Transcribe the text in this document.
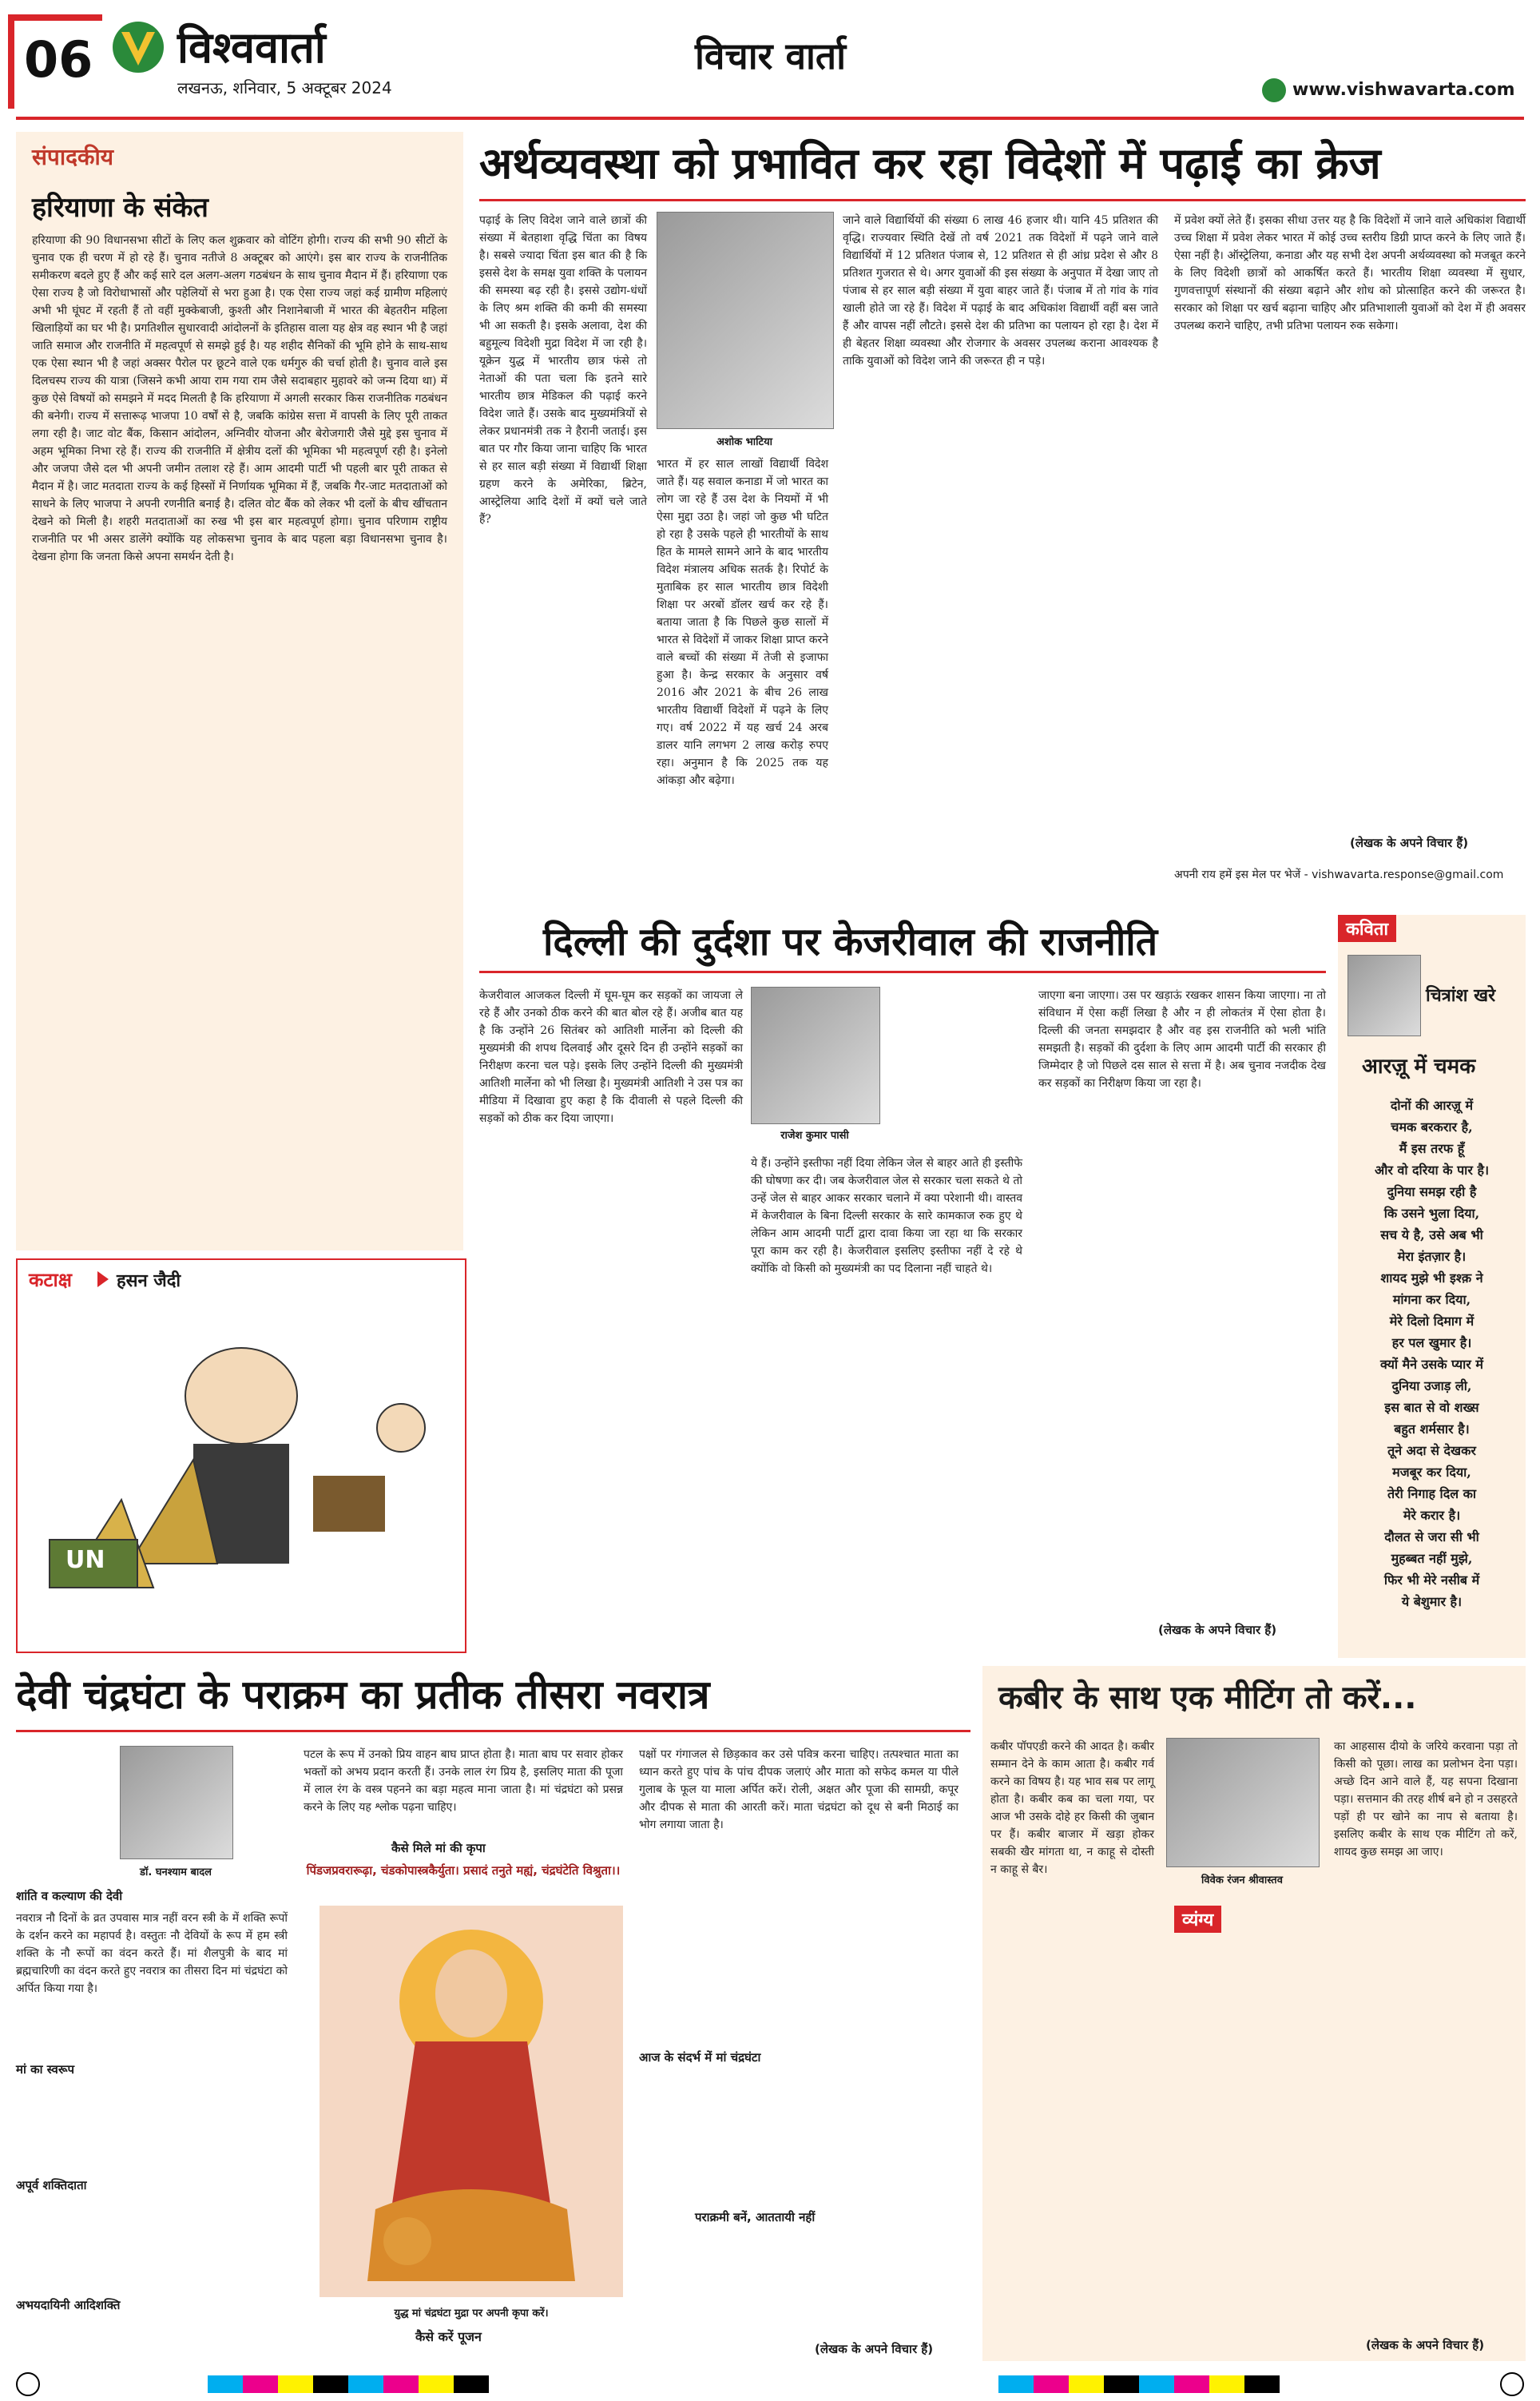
06 विश्ववार्ता
लखनऊ, शनिवार, 5 अक्टूबर 2024
विचार वार्ता
www.vishwavarta.com
संपादकीय
हरियाणा के संकेत
हरियाणा की 90 विधानसभा सीटों के लिए कल शुक्रवार को वोटिंग होगी। राज्य की सभी 90 सीटों के चुनाव एक ही चरण में हो रहे हैं। चुनाव नतीजे 8 अक्टूबर को आएंगे। इस बार राज्य के राजनीतिक समीकरण बदले हुए हैं और कई सारे दल अलग-अलग गठबंधन के साथ चुनाव मैदान में हैं। हरियाणा एक ऐसा राज्य है जो विरोधाभासों और पहेलियों से भरा हुआ है। एक ऐसा राज्य जहां कई ग्रामीण महिलाएं अभी भी घूंघट में रहती हैं तो वहीं मुक्केबाजी, कुश्ती और निशानेबाजी में भारत की बेहतरीन महिला खिलाड़ियों का घर भी है। प्रगतिशील सुधारवादी आंदोलनों के इतिहास वाला यह क्षेत्र वह स्थान भी है जहां जाति समाज और राजनीति में महत्वपूर्ण से समझे हुई है। यह शहीद सैनिकों की भूमि होने के साथ-साथ एक ऐसा स्थान भी है जहां अक्सर पैरोल पर छूटने वाले एक धर्मगुरु की चर्चा होती है। चुनाव वाले इस दिलचस्प राज्य की यात्रा (जिसने कभी आया राम गया राम जैसे सदाबहार मुहावरे को जन्म दिया था) में कुछ ऐसे विषयों को समझने में मदद मिलती है कि हरियाणा में अगली सरकार किस राजनीतिक गठबंधन की बनेगी। राज्य में सत्तारूढ़ भाजपा 10 वर्षों से है, जबकि कांग्रेस सत्ता में वापसी के लिए पूरी ताकत लगा रही है। जाट वोट बैंक, किसान आंदोलन, अग्निवीर योजना और बेरोजगारी जैसे मुद्दे इस चुनाव में अहम भूमिका निभा रहे हैं। राज्य की राजनीति में क्षेत्रीय दलों की भूमिका भी महत्वपूर्ण रही है। इनेलो और जजपा जैसे दल भी अपनी जमीन तलाश रहे हैं। आम आदमी पार्टी भी पहली बार पूरी ताकत से मैदान में है। जाट मतदाता राज्य के कई हिस्सों में निर्णायक भूमिका में हैं, जबकि गैर-जाट मतदाताओं को साधने के लिए भाजपा ने अपनी रणनीति बनाई है। दलित वोट बैंक को लेकर भी दलों के बीच खींचतान देखने को मिली है। शहरी मतदाताओं का रुख भी इस बार महत्वपूर्ण होगा। चुनाव परिणाम राष्ट्रीय राजनीति पर भी असर डालेंगे क्योंकि यह लोकसभा चुनाव के बाद पहला बड़ा विधानसभा चुनाव है। देखना होगा कि जनता किसे अपना समर्थन देती है।
कटाक्ष	हसन जैदी
UN
अर्थव्यवस्था को प्रभावित कर रहा विदेशों में पढ़ाई का क्रेज
पढ़ाई के लिए विदेश जाने वाले छात्रों की संख्या में बेतहाशा वृद्धि चिंता का विषय है। सबसे ज्यादा चिंता इस बात की है कि इससे देश के समक्ष युवा शक्ति के पलायन की समस्या बढ़ रही है। इससे उद्योग-धंधों के लिए श्रम शक्ति की कमी की समस्या भी आ सकती है। इसके अलावा, देश की बहुमूल्य विदेशी मुद्रा विदेश में जा रही है। यूक्रेन युद्ध में भारतीय छात्र फंसे तो नेताओं की पता चला कि इतने सारे भारतीय छात्र मेडिकल की पढ़ाई करने विदेश जाते हैं। उसके बाद मुख्यमंत्रियों से लेकर प्रधानमंत्री तक ने हैरानी जताई। इस बात पर गौर किया जाना चाहिए कि भारत से हर साल बड़ी संख्या में विद्यार्थी शिक्षा ग्रहण करने के अमेरिका, ब्रिटेन, आस्ट्रेलिया आदि देशों में क्यों चले जाते हैं?
अशोक भाटिया
भारत में हर साल लाखों विद्यार्थी विदेश जाते हैं। यह सवाल कनाडा में जो भारत का लोग जा रहे हैं उस देश के नियमों में भी ऐसा मुद्दा उठा है। जहां जो कुछ भी घटित हो रहा है उसके पहले ही भारतीयों के साथ हित के मामले सामने आने के बाद भारतीय विदेश मंत्रालय अधिक सतर्क है। रिपोर्ट के मुताबिक हर साल भारतीय छात्र विदेशी शिक्षा पर अरबों डॉलर खर्च कर रहे हैं। बताया जाता है कि पिछले कुछ सालों में भारत से विदेशों में जाकर शिक्षा प्राप्त करने वाले बच्चों की संख्या में तेजी से इजाफा हुआ है। केन्द्र सरकार के अनुसार वर्ष 2016 और 2021 के बीच 26 लाख भारतीय विद्यार्थी विदेशों में पढ़ने के लिए गए। वर्ष 2022 में यह खर्च 24 अरब डालर यानि लगभग 2 लाख करोड़ रुपए रहा। अनुमान है कि 2025 तक यह आंकड़ा और बढ़ेगा।
जाने वाले विद्यार्थियों की संख्या 6 लाख 46 हजार थी। यानि 45 प्रतिशत की वृद्धि। राज्यवार स्थिति देखें तो वर्ष 2021 तक विदेशों में पढ़ने जाने वाले विद्यार्थियों में 12 प्रतिशत पंजाब से, 12 प्रतिशत से ही आंध्र प्रदेश से और 8 प्रतिशत गुजरात से थे। अगर युवाओं की इस संख्या के अनुपात में देखा जाए तो पंजाब से हर साल बड़ी संख्या में युवा बाहर जाते हैं। पंजाब में तो गांव के गांव खाली होते जा रहे हैं। विदेश में पढ़ाई के बाद अधिकांश विद्यार्थी वहीं बस जाते हैं और वापस नहीं लौटते। इससे देश की प्रतिभा का पलायन हो रहा है। देश में ही बेहतर शिक्षा व्यवस्था और रोजगार के अवसर उपलब्ध कराना आवश्यक है ताकि युवाओं को विदेश जाने की जरूरत ही न पड़े।
में प्रवेश क्यों लेते हैं। इसका सीधा उत्तर यह है कि विदेशों में जाने वाले अधिकांश विद्यार्थी उच्च शिक्षा में प्रवेश लेकर भारत में कोई उच्च स्तरीय डिग्री प्राप्त करने के लिए जाते हैं। ऐसा नहीं है। ऑस्ट्रेलिया, कनाडा और यह सभी देश अपनी अर्थव्यवस्था को मजबूत करने के लिए विदेशी छात्रों को आकर्षित करते हैं। भारतीय शिक्षा व्यवस्था में सुधार, गुणवत्तापूर्ण संस्थानों की संख्या बढ़ाने और शोध को प्रोत्साहित करने की जरूरत है। सरकार को शिक्षा पर खर्च बढ़ाना चाहिए और प्रतिभाशाली युवाओं को देश में ही अवसर उपलब्ध कराने चाहिए, तभी प्रतिभा पलायन रुक सकेगा।
(लेखक के अपने विचार हैं)
अपनी राय हमें इस मेल पर भेजें - vishwavarta.response@gmail.com
दिल्ली की दुर्दशा पर केजरीवाल की राजनीति
केजरीवाल आजकल दिल्ली में घूम-घूम कर सड़कों का जायजा ले रहे हैं और उनको ठीक करने की बात बोल रहे हैं। अजीब बात यह है कि उन्होंने 26 सितंबर को आतिशी मार्लेना को दिल्ली की मुख्यमंत्री की शपथ दिलवाई और दूसरे दिन ही उन्होंने सड़कों का निरीक्षण करना चल पड़े। इसके लिए उन्होंने दिल्ली की मुख्यमंत्री आतिशी मार्लेना को भी लिखा है। मुख्यमंत्री आतिशी ने उस पत्र का मीडिया में दिखावा हुए कहा है कि दीवाली से पहले दिल्ली की सड़कों को ठीक कर दिया जाएगा।
राजेश कुमार पासी
ये हैं। उन्होंने इस्तीफा नहीं दिया लेकिन जेल से बाहर आते ही इस्तीफे की घोषणा कर दी। जब केजरीवाल जेल से सरकार चला सकते थे तो उन्हें जेल से बाहर आकर सरकार चलाने में क्या परेशानी थी। वास्तव में केजरीवाल के बिना दिल्ली सरकार के सारे कामकाज रुक हुए थे लेकिन आम आदमी पार्टी द्वारा दावा किया जा रहा था कि सरकार पूरा काम कर रही है। केजरीवाल इसलिए इस्तीफा नहीं दे रहे थे क्योंकि वो किसी को मुख्यमंत्री का पद दिलाना नहीं चाहते थे।
जाएगा बना जाएगा। उस पर खड़ाऊं रखकर शासन किया जाएगा। ना तो संविधान में ऐसा कहीं लिखा है और न ही लोकतंत्र में ऐसा होता है। दिल्ली की जनता समझदार है और वह इस राजनीति को भली भांति समझती है। सड़कों की दुर्दशा के लिए आम आदमी पार्टी की सरकार ही जिम्मेदार है जो पिछले दस साल से सत्ता में है। अब चुनाव नजदीक देख कर सड़कों का निरीक्षण किया जा रहा है।
(लेखक के अपने विचार हैं)
कविता
चित्रांश खरे
आरज़ू में चमक
दोनों की आरज़ू में
चमक बरकरार है,
मैं इस तरफ हूँ
और वो दरिया के पार है।
दुनिया समझ रही है
कि उसने भुला दिया,
सच ये है, उसे अब भी
मेरा इंतज़ार है।
शायद मुझे भी इश्क़ ने
मांगना कर दिया,
मेरे दिलो दिमाग में
हर पल खुमार है।
क्यों मैने उसके प्यार में
दुनिया उजाड़ ली,
इस बात से वो शख्स
बहुत शर्मसार है।
तूने अदा से देखकर
मजबूर कर दिया,
तेरी निगाह दिल का
मेरे करार है।
दौलत से जरा सी भी
मुहब्बत नहीं मुझे,
फिर भी मेरे नसीब में
ये बेशुमार है।
देवी चंद्रघंटा के पराक्रम का प्रतीक तीसरा नवरात्र
डॉ. घनश्याम बादल
शांति व कल्याण की देवी
नवरात्र नौ दिनों के व्रत उपवास मात्र नहीं वरन स्त्री के में शक्ति रूपों के दर्शन करने का महापर्व है। वस्तुतः नौ देवियों के रूप में हम स्त्री शक्ति के नौ रूपों का वंदन करते हैं। मां शैलपुत्री के बाद मां ब्रह्मचारिणी का वंदन करते हुए नवरात्र का तीसरा दिन मां चंद्रघंटा को अर्पित किया गया है।
मां का स्वरूप
अपूर्व शक्तिदाता
अभयदायिनी आदिशक्ति
पटल के रूप में उनको प्रिय वाहन बाघ प्राप्त होता है। माता बाघ पर सवार होकर भक्तों को अभय प्रदान करती हैं। उनके लाल रंग प्रिय है, इसलिए माता की पूजा में लाल रंग के वस्त्र पहनने का बड़ा महत्व माना जाता है। मां चंद्रघंटा को प्रसन्न करने के लिए यह श्लोक पढ़ना चाहिए।
कैसे मिले मां की कृपा
पिंडजप्रवरारूढ़ा, चंडकोपास्त्रकैर्युता। प्रसादं तनुते मह्यं, चंद्रघंटेति विश्रुता।।
युद्ध मां चंद्रघंटा मुद्रा पर अपनी कृपा करें।
कैसे करें पूजन
पक्षों पर गंगाजल से छिड़काव कर उसे पवित्र करना चाहिए। तत्पश्चात माता का ध्यान करते हुए पांच के पांच दीपक जलाएं और माता को सफेद कमल या पीले गुलाब के फूल या माला अर्पित करें। रोली, अक्षत और पूजा की सामग्री, कपूर और दीपक से माता की आरती करें। माता चंद्रघंटा को दूध से बनी मिठाई का भोग लगाया जाता है।
आज के संदर्भ में मां चंद्रघंटा
पराक्रमी बनें, आततायी नहीं
(लेखक के अपने विचार हैं)
कबीर के साथ एक मीटिंग तो करें...
विवेक रंजन श्रीवास्तव
व्यंग्य
कबीर पॉपएडी करने की आदत है। कबीर सम्मान देने के काम आता है। कबीर गर्व करने का विषय है। यह भाव सब पर लागू होता है। कबीर कब का चला गया, पर आज भी उसके दोहे हर किसी की जुबान पर हैं। कबीर बाजार में खड़ा होकर सबकी खैर मांगता था, न काहू से दोस्ती न काहू से बैर।
का आहसास दीयो के जरिये करवाना पड़ा तो किसी को पूछा। लाख का प्रलोभन देना पड़ा। अच्छे दिन आने वाले हैं, यह सपना दिखाना पड़ा। सत्तमान की तरह शीर्ष बने हो न उसहरते पड़ों ही पर खोने का नाप से बताया है। इसलिए कबीर के साथ एक मीटिंग तो करें, शायद कुछ समझ आ जाए।
(लेखक के अपने विचार हैं)
